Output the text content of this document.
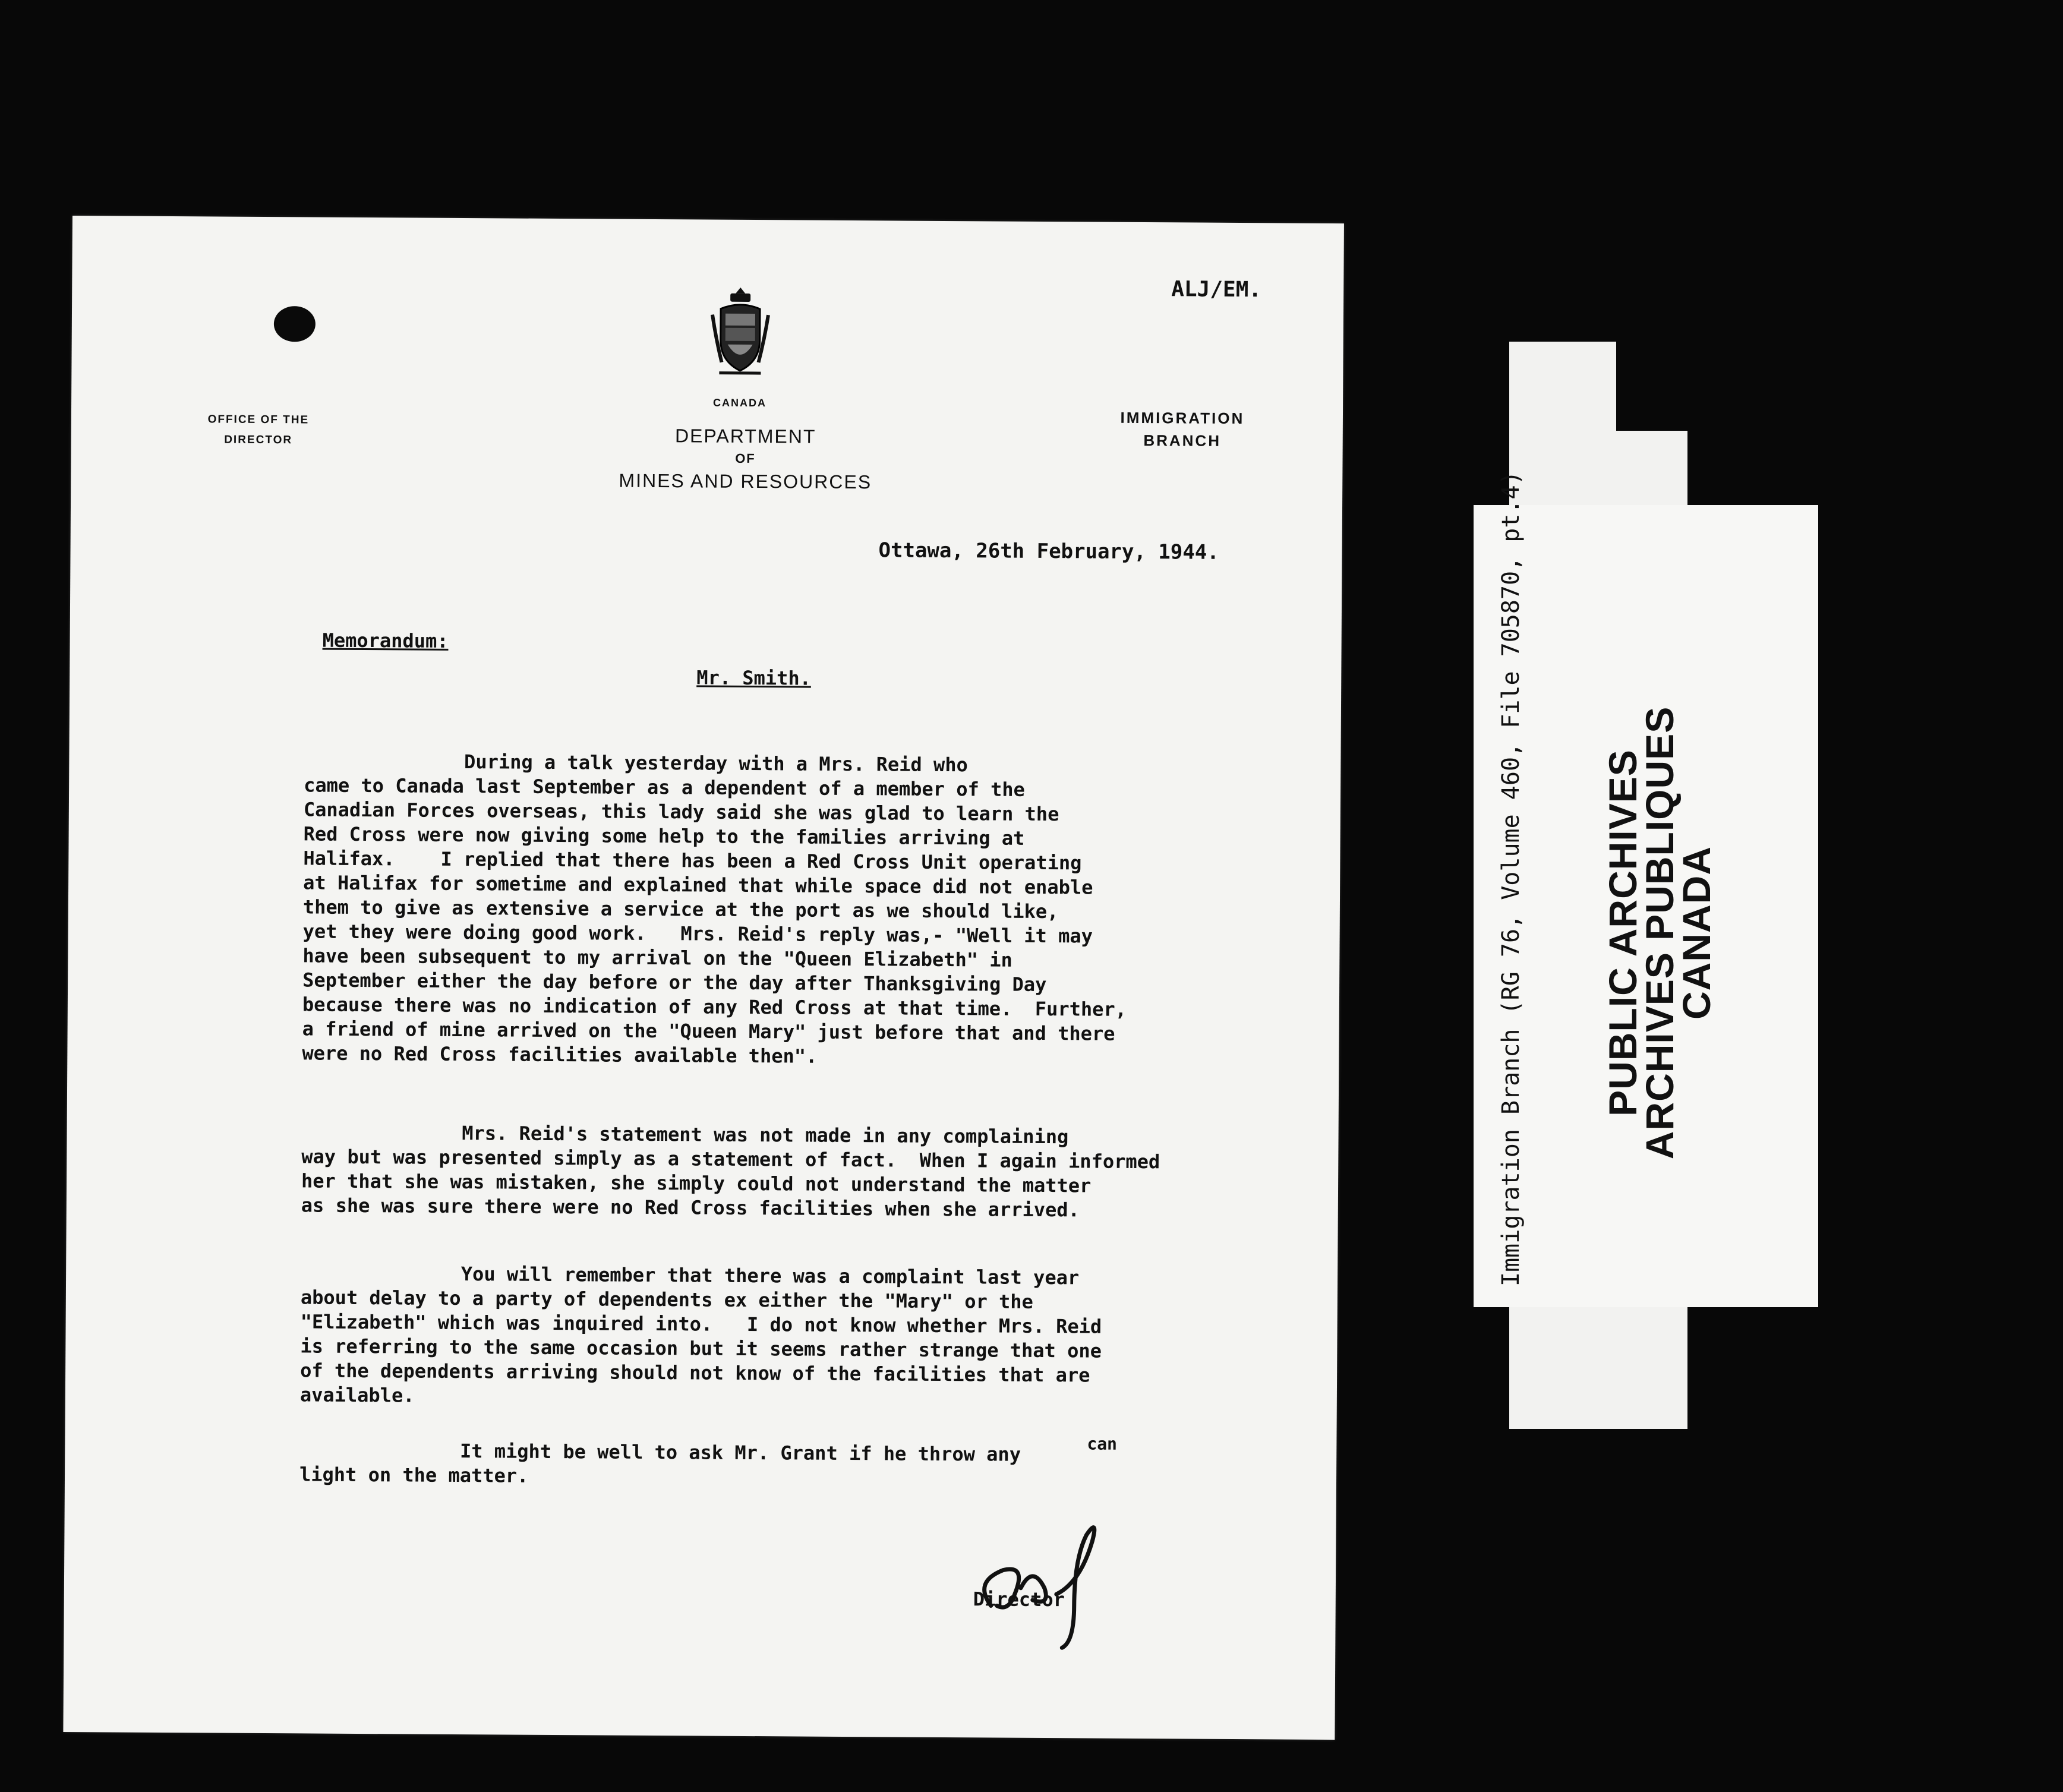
ALJ/EM.
CANADA
OFFICE OF THE
DIRECTOR	DEPARTMENT
OF
MINES AND RESOURCES
IMMIGRATION
BRANCH
Ottawa, 26th February, 1944.
Memorandum:
Mr. Smith.
During a talk yesterday with a Mrs. Reid who
came to Canada last September as a dependent of a member of the
Canadian Forces overseas, this lady said she was glad to learn the
Red Cross were now giving some help to the families arriving at
Halifax.    I replied that there has been a Red Cross Unit operating
at Halifax for sometime and explained that while space did not enable
them to give as extensive a service at the port as we should like,
yet they were doing good work.   Mrs. Reid's reply was,- "Well it may
have been subsequent to my arrival on the "Queen Elizabeth" in
September either the day before or the day after Thanksgiving Day
because there was no indication of any Red Cross at that time.  Further,
a friend of mine arrived on the "Queen Mary" just before that and there
were no Red Cross facilities available then".
Mrs. Reid's statement was not made in any complaining
way but was presented simply as a statement of fact.  When I again informed
her that she was mistaken, she simply could not understand the matter
as she was sure there were no Red Cross facilities when she arrived.
You will remember that there was a complaint last year
about delay to a party of dependents ex either the "Mary" or the
"Elizabeth" which was inquired into.   I do not know whether Mrs. Reid
is referring to the same occasion but it seems rather strange that one
of the dependents arriving should not know of the facilities that are
available.
can
It might be well to ask Mr. Grant if he throw any
light on the matter.
Director
Immigration Branch (RG 76, Volume 460, File 705870, pt.4) PUBLIC ARCHIVES
ARCHIVES PUBLIQUES
CANADA
